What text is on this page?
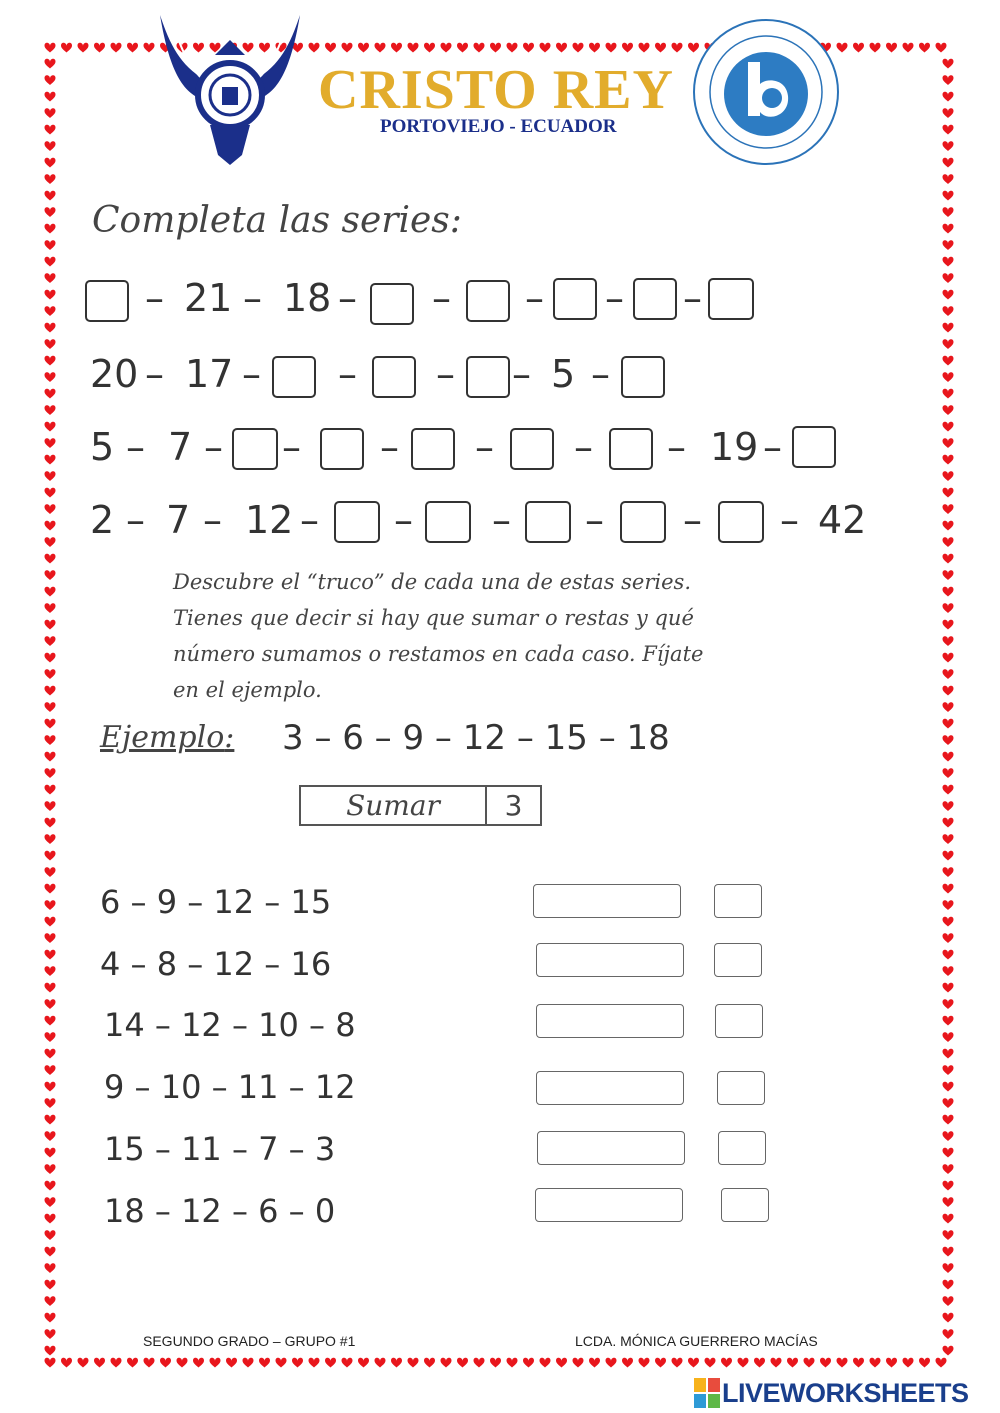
CRISTO REY
PORTOVIEJO - ECUADOR
Completa las series:
– 21 – 18 – – – – –
20 – 17 – – – – 5 –
5 – 7 – – – – – – 19 –
2 – 7 – 12 – – – – – – 42
Descubre el “truco” de cada una de estas series.
Tienes que decir si hay que sumar o restas y qué
número sumamos o restamos en cada caso. Fíjate
en el ejemplo.
Ejemplo: 3 – 6 – 9 – 12 – 15 – 18
Sumar	3
6 – 9 – 12 – 15
4 – 8 – 12 – 16
14 – 12 – 10 – 8
9 – 10 – 11 – 12
15 – 11 – 7 – 3
18 – 12 – 6 – 0
SEGUNDO GRADO – GRUPO #1	LCDA. MÓNICA GUERRERO MACÍAS
LIVEWORKSHEETS
